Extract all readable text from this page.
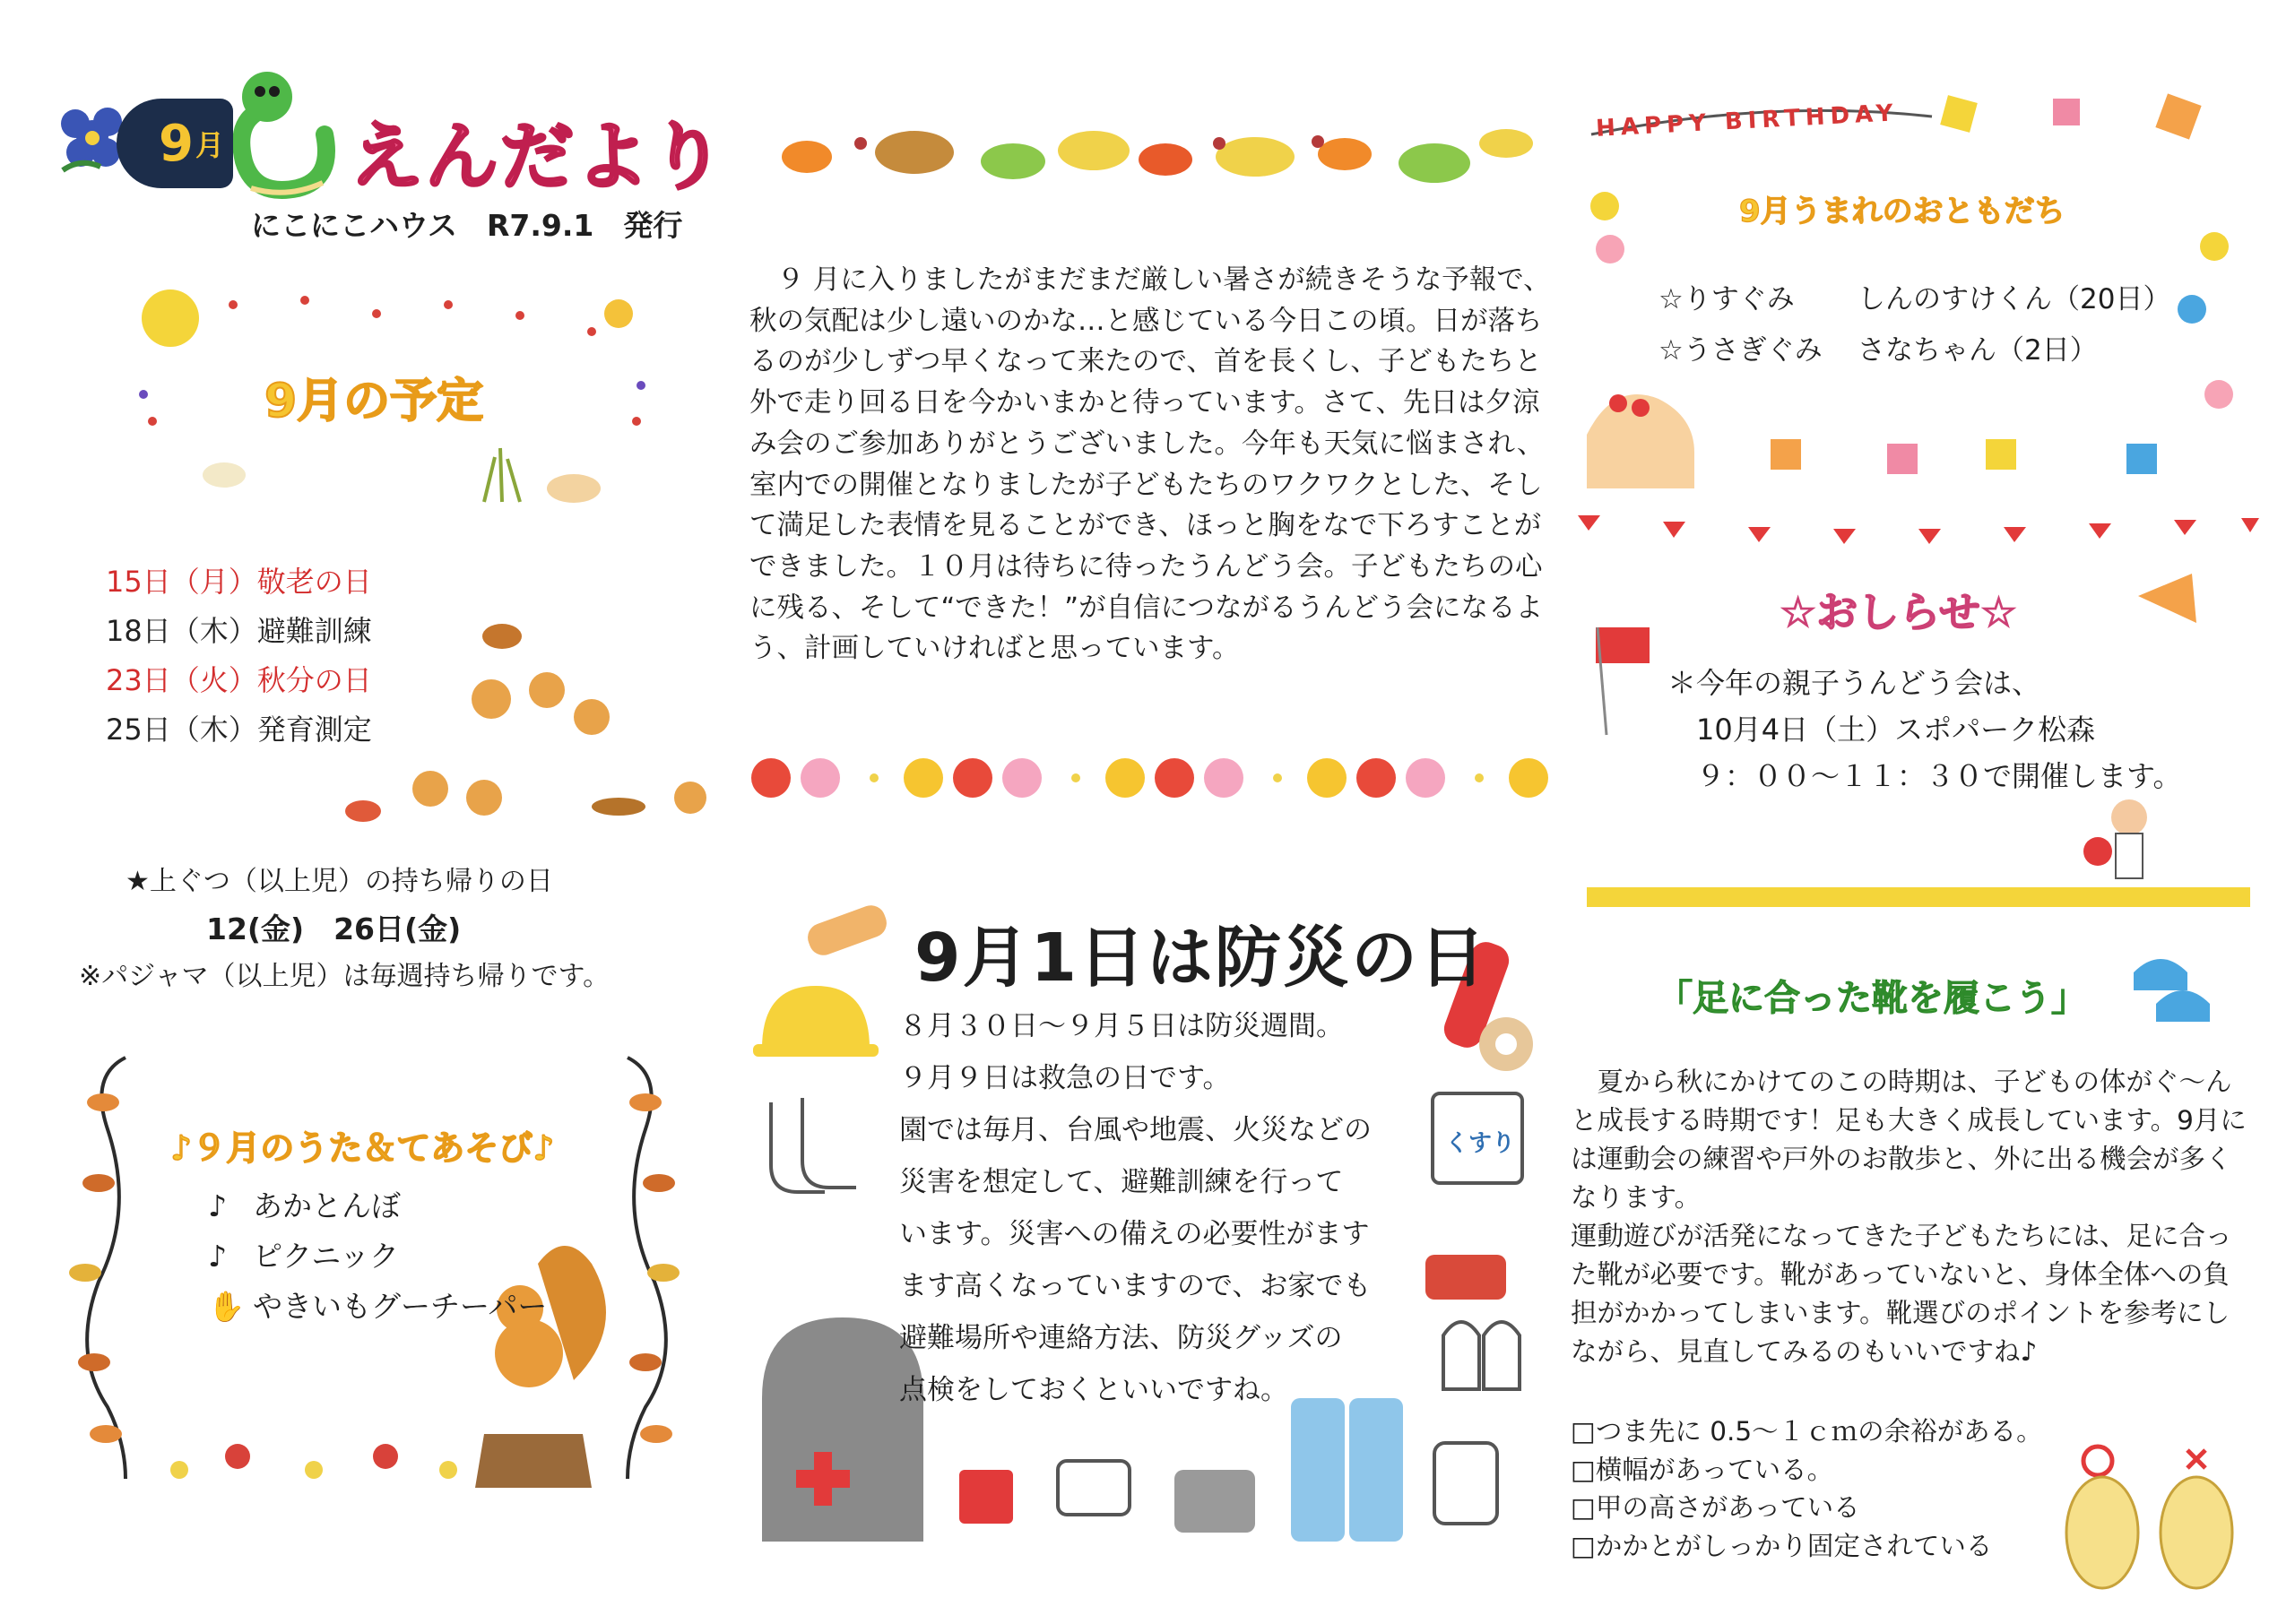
9 月 えんだより
にこにこハウス　R7.9.1　発行
9月の予定
15日（月）敬老の日
18日（木）避難訓練
23日（火）秋分の日
25日（木）発育測定
★上ぐつ（以上児）の持ち帰りの日
12(金)　26日(金)
※パジャマ（以上児）は毎週持ち帰りです。
♪９月のうた＆てあそび♪
♪ あかとんぼ
♪ ピクニック
✋ やきいもグーチーパー
　９ 月に入りましたがまだまだ厳しい暑さが続きそうな予報で、秋の気配は少し遠いのかな…と感じている今日この頃。日が落ちるのが少しずつ早くなって来たので、首を長くし、子どもたちと外で走り回る日を今かいまかと待っています。さて、先日は夕涼み会のご参加ありがとうございました。今年も天気に悩まされ、室内での開催となりましたが子どもたちのワクワクとした、そして満足した表情を見ることができ、ほっと胸をなで下ろすことができました。１０月は待ちに待ったうんどう会。子どもたちの心に残る、そして“できた！”が自信につながるうんどう会になるよう、計画していければと思っています。
9月1日は防災の日
８月３０日～９月５日は防災週間。
９月９日は救急の日です。
園では毎月、台風や地震、火災などの
災害を想定して、避難訓練を行って
います。災害への備えの必要性がます
ます高くなっていますので、お家でも
避難場所や連絡方法、防災グッズの
点検をしておくといいですね。
くすり
HAPPY BIRTHDAY
9月うまれのおともだち
☆りすぐみ しんのすけくん（20日）
☆うさぎぐみ さなちゃん（2日）
☆おしらせ☆
＊今年の親子うんどう会は、
10月4日（土）スポパーク松森
９：００～１１：３０で開催します。
「足に合った靴を履こう」
　夏から秋にかけてのこの時期は、子どもの体がぐ～んと成長する時期です！足も大きく成長しています。9月には運動会の練習や戸外のお散歩と、外に出る機会が多くなります。
運動遊びが活発になってきた子どもたちには、足に合った靴が必要です。靴があっていないと、身体全体への負担がかかってしまいます。靴選びのポイントを参考にしながら、見直してみるのもいいですね♪
□つま先に 0.5～１ｃｍの余裕がある。
□横幅があっている。
□甲の高さがあっている
□かかとがしっかり固定されている
